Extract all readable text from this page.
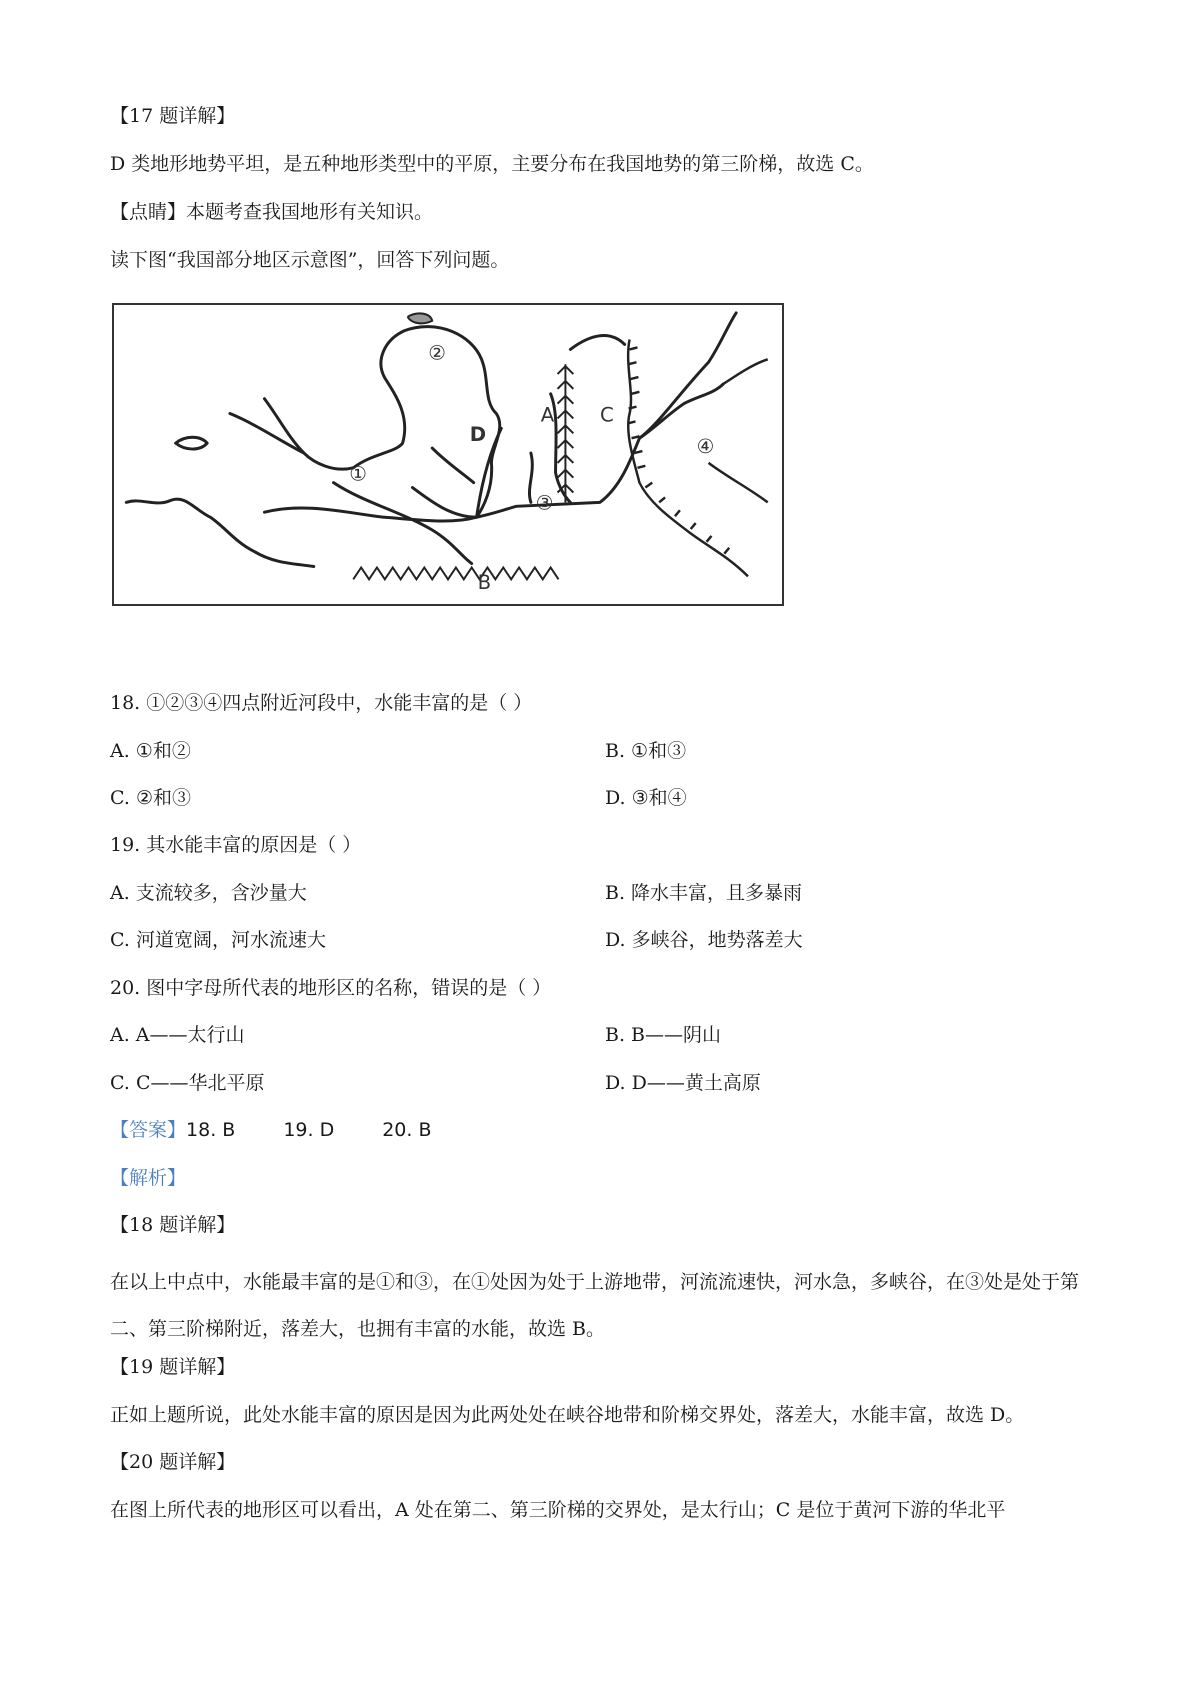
【17 题详解】
D 类地形地势平坦，是五种地形类型中的平原，主要分布在我国地势的第三阶梯，故选 C。
【点睛】本题考查我国地形有关知识。
读下图“我国部分地区示意图”，回答下列问题。
②
①
③
④
A
B
C
D
18. ①②③④四点附近河段中，水能丰富的是（ ）
A. ①和②	B. ①和③
C. ②和③	D. ③和④
19. 其水能丰富的原因是（ ）
A. 支流较多，含沙量大	B. 降水丰富，且多暴雨
C. 河道宽阔，河水流速大	D. 多峡谷，地势落差大
20. 图中字母所代表的地形区的名称，错误的是（ ）
A. A——太行山	B. B——阴山
C. C——华北平原	D. D——黄土高原
【答案】18. B	19. D	20. B
【解析】
【18 题详解】
在以上中点中，水能最丰富的是①和③，在①处因为处于上游地带，河流流速快，河水急，多峡谷，在③处是处于第二、第三阶梯附近，落差大，也拥有丰富的水能，故选 B。
【19 题详解】
正如上题所说，此处水能丰富的原因是因为此两处处在峡谷地带和阶梯交界处，落差大，水能丰富，故选 D。
【20 题详解】
在图上所代表的地形区可以看出，A 处在第二、第三阶梯的交界处，是太行山；C 是位于黄河下游的华北平
